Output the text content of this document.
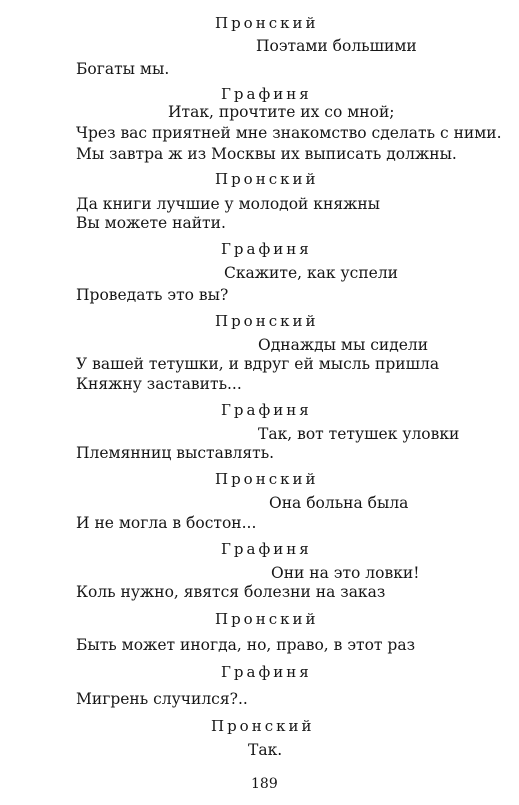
Пронский
Поэтами большими
Богаты мы.
Графиня
Итак, прочтите их со мной;
Чрез вас приятней мне знакомство сделать с ними.
Мы завтра ж из Москвы их выписать должны.
Пронский
Да книги лучшие у молодой княжны
Вы можете найти.
Графиня
Скажите, как успели
Проведать это вы?
Пронский
Однажды мы сидели
У вашей тетушки, и вдруг ей мысль пришла
Княжну заставить...
Графиня
Так, вот тетушек уловки
Племянниц выставлять.
Пронский
Она больна была
И не могла в бостон...
Графиня
Они на это ловки!
Коль нужно, явятся болезни на заказ
Пронский
Быть может иногда, но, право, в этот раз
Графиня
Мигрень случился?..
Пронский
Так.
189
